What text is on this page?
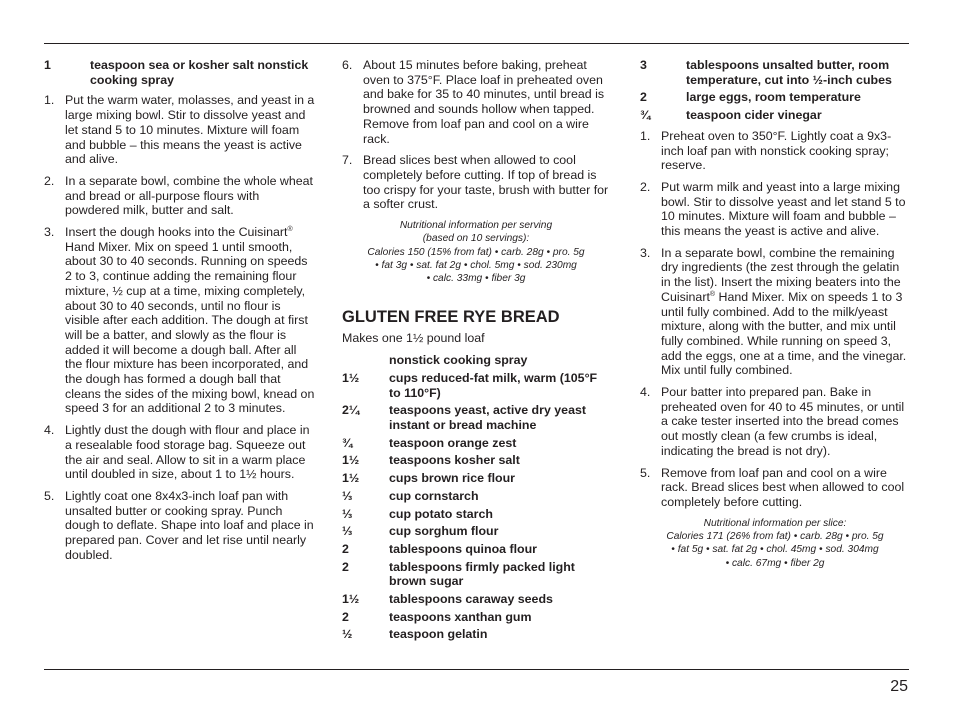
1	teaspoon sea or kosher salt nonstick cooking spray
1. Put the warm water, molasses, and yeast in a large mixing bowl. Stir to dissolve yeast and let stand 5 to 10 minutes. Mixture will foam and bubble – this means the yeast is active and alive.
2. In a separate bowl, combine the whole wheat and bread or all-purpose flours with powdered milk, butter and salt.
3. Insert the dough hooks into the Cuisinart® Hand Mixer. Mix on speed 1 until smooth, about 30 to 40 seconds. Running on speeds 2 to 3, continue adding the remaining flour mixture, ½ cup at a time, mixing completely, about 30 to 40 seconds, until no flour is visible after each addition. The dough at first will be a batter, and slowly as the flour is added it will become a dough ball. After all the flour mixture has been incorporated, and the dough has formed a dough ball that cleans the sides of the mixing bowl, knead on speed 3 for an additional 2 to 3 minutes.
4. Lightly dust the dough with flour and place in a resealable food storage bag. Squeeze out the air and seal. Allow to sit in a warm place until doubled in size, about 1 to 1½ hours.
5. Lightly coat one 8x4x3-inch loaf pan with unsalted butter or cooking spray. Punch dough to deflate. Shape into loaf and place in prepared pan. Cover and let rise until nearly doubled.
6. About 15 minutes before baking, preheat oven to 375°F. Place loaf in preheated oven and bake for 35 to 40 minutes, until bread is browned and sounds hollow when tapped. Remove from loaf pan and cool on a wire rack.
7. Bread slices best when allowed to cool completely before cutting. If top of bread is too crispy for your taste, brush with butter for a softer crust.
Nutritional information per serving
(based on 10 servings):
Calories 150 (15% from fat) • carb. 28g • pro. 5g
• fat 3g • sat. fat 2g • chol. 5mg • sod. 230mg
• calc. 33mg • fiber 3g
GLUTEN FREE RYE BREAD
Makes one 1½ pound loaf
nonstick cooking spray
1½	cups reduced-fat milk, warm (105°F to 110°F)
2¼	teaspoons yeast, active dry yeast instant or bread machine
¾	teaspoon orange zest
1½	teaspoons kosher salt
1½	cups brown rice flour
⅓	cup cornstarch
⅓	cup potato starch
⅓	cup sorghum flour
2	tablespoons quinoa flour
2	tablespoons firmly packed light brown sugar
1½	tablespoons caraway seeds
2	teaspoons xanthan gum
½	teaspoon gelatin
3	tablespoons unsalted butter, room temperature, cut into ½-inch cubes
2	large eggs, room temperature
¾	teaspoon cider vinegar
1. Preheat oven to 350°F. Lightly coat a 9x3-inch loaf pan with nonstick cooking spray; reserve.
2. Put warm milk and yeast into a large mixing bowl. Stir to dissolve yeast and let stand 5 to 10 minutes. Mixture will foam and bubble – this means the yeast is active and alive.
3. In a separate bowl, combine the remaining dry ingredients (the zest through the gelatin in the list). Insert the mixing beaters into the Cuisinart® Hand Mixer. Mix on speeds 1 to 3 until fully combined. Add to the milk/yeast mixture, along with the butter, and mix until fully combined. While running on speed 3, add the eggs, one at a time, and the vinegar. Mix until fully combined.
4. Pour batter into prepared pan. Bake in preheated oven for 40 to 45 minutes, or until a cake tester inserted into the bread comes out mostly clean (a few crumbs is ideal, indicating the bread is not dry).
5. Remove from loaf pan and cool on a wire rack. Bread slices best when allowed to cool completely before cutting.
Nutritional information per slice:
Calories 171 (26% from fat) • carb. 28g • pro. 5g
• fat 5g • sat. fat 2g • chol. 45mg • sod. 304mg
• calc. 67mg • fiber 2g
25
